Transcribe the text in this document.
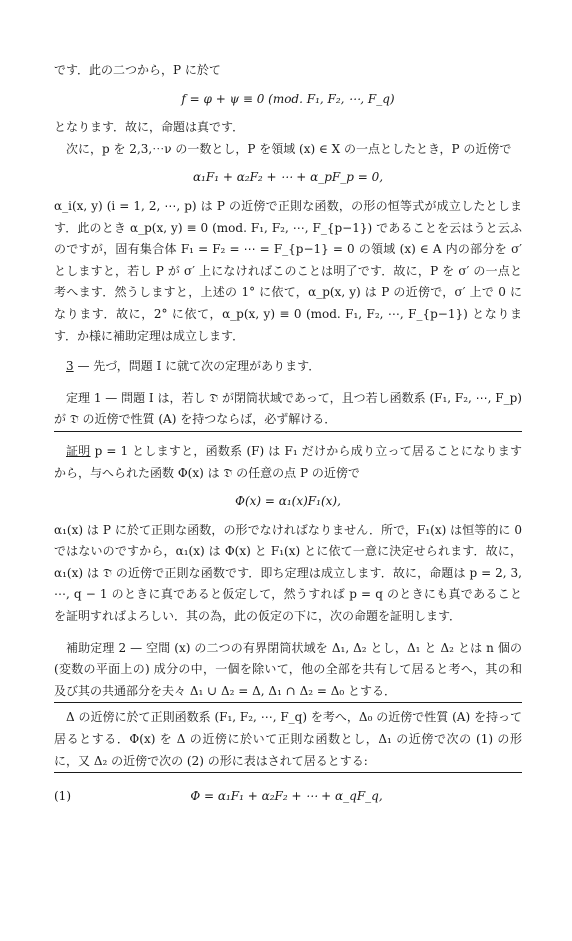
です．此の二つから，P に於て

f = φ + ψ ≡ 0 (mod. F₁, F₂, ⋯, F_q)

となります．故に，命題は真です．

次に，p を 2,3,⋯ν の一数とし，P を領域 (x) ∈ X の一点としたとき，P の近傍で

α₁F₁ + α₂F₂ + ⋯ + α_pF_p = 0,

α_i(x, y) (i = 1, 2, ⋯, p) は P の近傍で正則な函数，の形の恒等式が成立したとします．此のとき α_p(x, y) ≡ 0 (mod. F₁, F₂, ⋯, F_{p−1}) であることを云はうと云ふのですが，固有集合体 F₁ = F₂ = ⋯ = F_{p−1} = 0 の領域 (x) ∈ A 内の部分を σ′ としますと，若し P が σ′ 上になければこのことは明了です．故に，P を σ′ の一点と考へます．然うしますと，上述の 1° に依て，α_p(x, y) は P の近傍で，σ′ 上で 0 になります．故に，2° に依て，α_p(x, y) ≡ 0 (mod. F₁, F₂, ⋯, F_{p−1}) となります．か様に補助定理は成立します．

3 — 先づ，問題 I に就て次の定理があります．

定理 1 — 問題 I は，若し 𝔇̄ が閉筒状域であって，且つ若し函数系 (F₁, F₂, ⋯, F_p) が 𝔇̄ の近傍で性質 (A) を持つならば，必ず解ける．

証明 p = 1 としますと，函数系 (F) は F₁ だけから成り立って居ることになりますから，与へられた函数 Φ(x) は 𝔇̄ の任意の点 P の近傍で

Φ(x) = α₁(x)F₁(x),

α₁(x) は P に於て正則な函数，の形でなければなりません．所で，F₁(x) は恒等的に 0 ではないのですから，α₁(x) は Φ(x) と F₁(x) とに依て一意に決定せられます．故に，α₁(x) は 𝔇̄ の近傍で正則な函数です．即ち定理は成立します．故に，命題は p = 2, 3, ⋯, q − 1 のときに真であると仮定して，然うすれば p = q のときにも真であることを証明すればよろしい．其の為，此の仮定の下に，次の命題を証明します．

補助定理 2 — 空間 (x) の二つの有界閉筒状域を Δ₁, Δ₂ とし，Δ₁ と Δ₂ とは n 個の (変数の平面上の) 成分の中，一個を除いて，他の全部を共有して居ると考へ，其の和及び其の共通部分を夫々 Δ₁ ∪ Δ₂ = Δ, Δ₁ ∩ Δ₂ = Δ₀ とする．

Δ の近傍に於て正則函数系 (F₁, F₂, ⋯, F_q) を考へ，Δ₀ の近傍で性質 (A) を持って居るとする．Φ(x) を Δ の近傍に於いて正則な函数とし，Δ₁ の近傍で次の (1) の形に，又 Δ₂ の近傍で次の (2) の形に表はされて居るとする:

(1)	Φ = α₁F₁ + α₂F₂ + ⋯ + α_qF_q,
